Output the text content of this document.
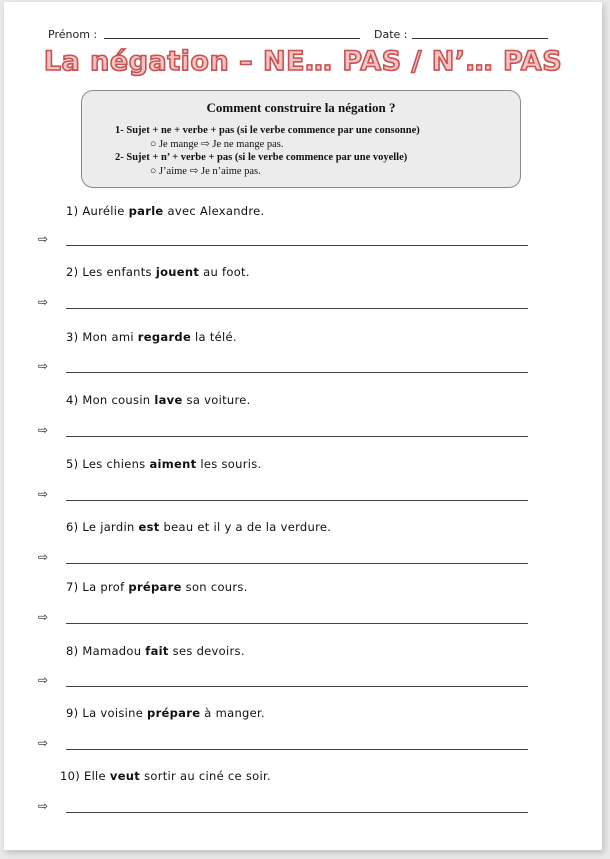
Prénom :	Date :
La négation – NE… PAS / N’… PAS
Comment construire la négation ?
1- Sujet + ne + verbe + pas (si le verbe commence par une consonne)
○ Je mange ⇨ Je ne mange pas.
2- Sujet + n’ + verbe + pas (si le verbe commence par une voyelle)
○ J’aime ⇨ Je n’aime pas.
1) Aurélie parle avec Alexandre.
⇨
2) Les enfants jouent au foot.
⇨
3) Mon ami regarde la télé.
⇨
4) Mon cousin lave sa voiture.
⇨
5) Les chiens aiment les souris.
⇨
6) Le jardin est beau et il y a de la verdure.
⇨
7) La prof prépare son cours.
⇨
8) Mamadou fait ses devoirs.
⇨
9) La voisine prépare à manger.
⇨
10) Elle veut sortir au ciné ce soir.
⇨
